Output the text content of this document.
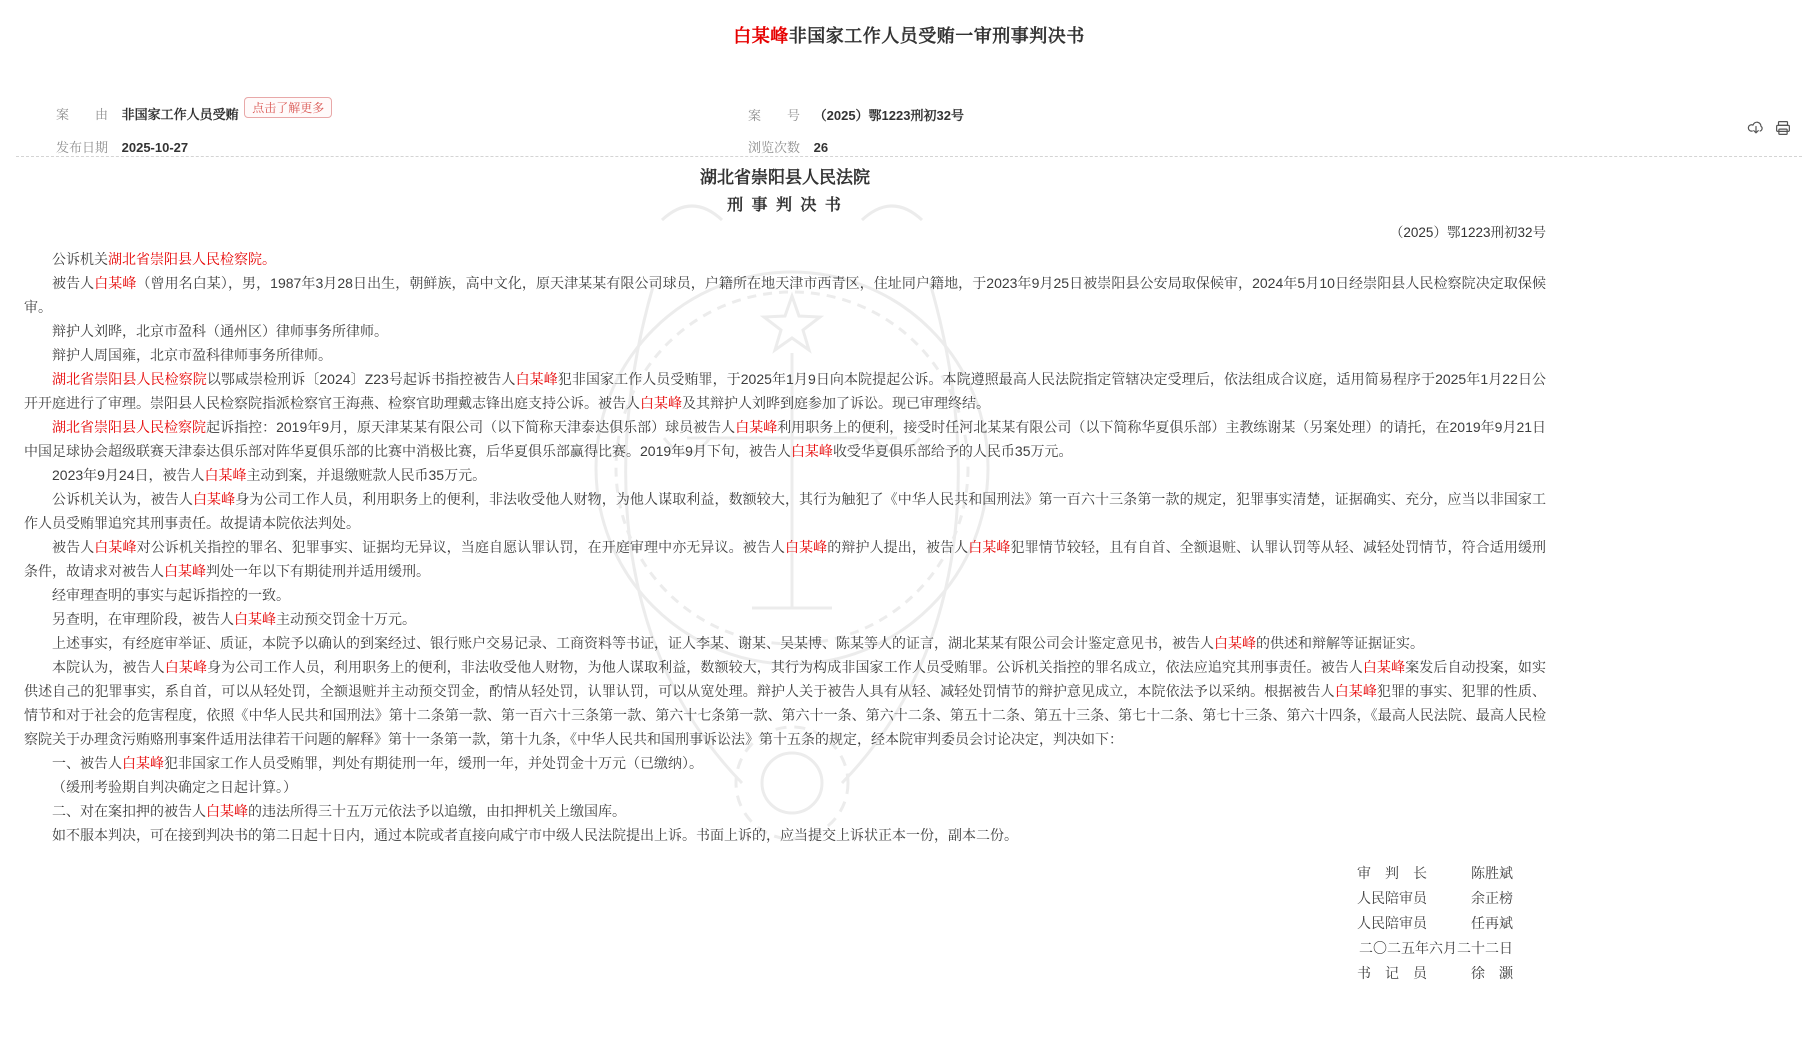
白某峰非国家工作人员受贿一审刑事判决书
案　　由 非国家工作人员受贿 点击了解更多	案　　号 （2025）鄂1223刑初32号
发布日期 2025-10-27	浏览次数 26
湖北省崇阳县人民法院
刑 事 判 决 书
（2025）鄂1223刑初32号

公诉机关湖北省崇阳县人民检察院。

被告人白某峰（曾用名白某），男，1987年3月28日出生，朝鲜族，高中文化，原天津某某有限公司球员，户籍所在地天津市西青区，住址同户籍地，于2023年9月25日被崇阳县公安局取保候审，2024年5月10日经崇阳县人民检察院决定取保候审。

辩护人刘晔，北京市盈科（通州区）律师事务所律师。

辩护人周国雍，北京市盈科律师事务所律师。

湖北省崇阳县人民检察院以鄂咸崇检刑诉〔2024〕Z23号起诉书指控被告人白某峰犯非国家工作人员受贿罪，于2025年1月9日向本院提起公诉。本院遵照最高人民法院指定管辖决定受理后，依法组成合议庭，适用简易程序于2025年1月22日公开开庭进行了审理。崇阳县人民检察院指派检察官王海燕、检察官助理戴志锋出庭支持公诉。被告人白某峰及其辩护人刘晔到庭参加了诉讼。现已审理终结。

湖北省崇阳县人民检察院起诉指控：2019年9月，原天津某某有限公司（以下简称天津泰达俱乐部）球员被告人白某峰利用职务上的便利，接受时任河北某某有限公司（以下简称华夏俱乐部）主教练谢某（另案处理）的请托，在2019年9月21日中国足球协会超级联赛天津泰达俱乐部对阵华夏俱乐部的比赛中消极比赛，后华夏俱乐部赢得比赛。2019年9月下旬，被告人白某峰收受华夏俱乐部给予的人民币35万元。

2023年9月24日，被告人白某峰主动到案，并退缴赃款人民币35万元。

公诉机关认为，被告人白某峰身为公司工作人员，利用职务上的便利，非法收受他人财物，为他人谋取利益，数额较大，其行为触犯了《中华人民共和国刑法》第一百六十三条第一款的规定，犯罪事实清楚，证据确实、充分，应当以非国家工作人员受贿罪追究其刑事责任。故提请本院依法判处。

被告人白某峰对公诉机关指控的罪名、犯罪事实、证据均无异议，当庭自愿认罪认罚，在开庭审理中亦无异议。被告人白某峰的辩护人提出，被告人白某峰犯罪情节较轻，且有自首、全额退赃、认罪认罚等从轻、减轻处罚情节，符合适用缓刑条件，故请求对被告人白某峰判处一年以下有期徒刑并适用缓刑。

经审理查明的事实与起诉指控的一致。

另查明，在审理阶段，被告人白某峰主动预交罚金十万元。

上述事实，有经庭审举证、质证，本院予以确认的到案经过、银行账户交易记录、工商资料等书证，证人李某、谢某、吴某博、陈某等人的证言，湖北某某有限公司会计鉴定意见书，被告人白某峰的供述和辩解等证据证实。

本院认为，被告人白某峰身为公司工作人员，利用职务上的便利，非法收受他人财物，为他人谋取利益，数额较大，其行为构成非国家工作人员受贿罪。公诉机关指控的罪名成立，依法应追究其刑事责任。被告人白某峰案发后自动投案，如实供述自己的犯罪事实，系自首，可以从轻处罚，全额退赃并主动预交罚金，酌情从轻处罚，认罪认罚，可以从宽处理。辩护人关于被告人具有从轻、减轻处罚情节的辩护意见成立，本院依法予以采纳。根据被告人白某峰犯罪的事实、犯罪的性质、情节和对于社会的危害程度，依照《中华人民共和国刑法》第十二条第一款、第一百六十三条第一款、第六十七条第一款、第六十一条、第六十二条、第五十二条、第五十三条、第七十二条、第七十三条、第六十四条，《最高人民法院、最高人民检察院关于办理贪污贿赂刑事案件适用法律若干问题的解释》第十一条第一款，第十九条，《中华人民共和国刑事诉讼法》第十五条的规定，经本院审判委员会讨论决定，判决如下：

一、被告人白某峰犯非国家工作人员受贿罪，判处有期徒刑一年，缓刑一年，并处罚金十万元（已缴纳）。

（缓刑考验期自判决确定之日起计算。）

二、对在案扣押的被告人白某峰的违法所得三十五万元依法予以追缴，由扣押机关上缴国库。

如不服本判决，可在接到判决书的第二日起十日内，通过本院或者直接向咸宁市中级人民法院提出上诉。书面上诉的，应当提交上诉状正本一份，副本二份。

审　判　长	陈胜斌
人民陪审员	余正榜
人民陪审员	任再斌
二〇二五年六月二十二日
书　记　员	徐　灏
